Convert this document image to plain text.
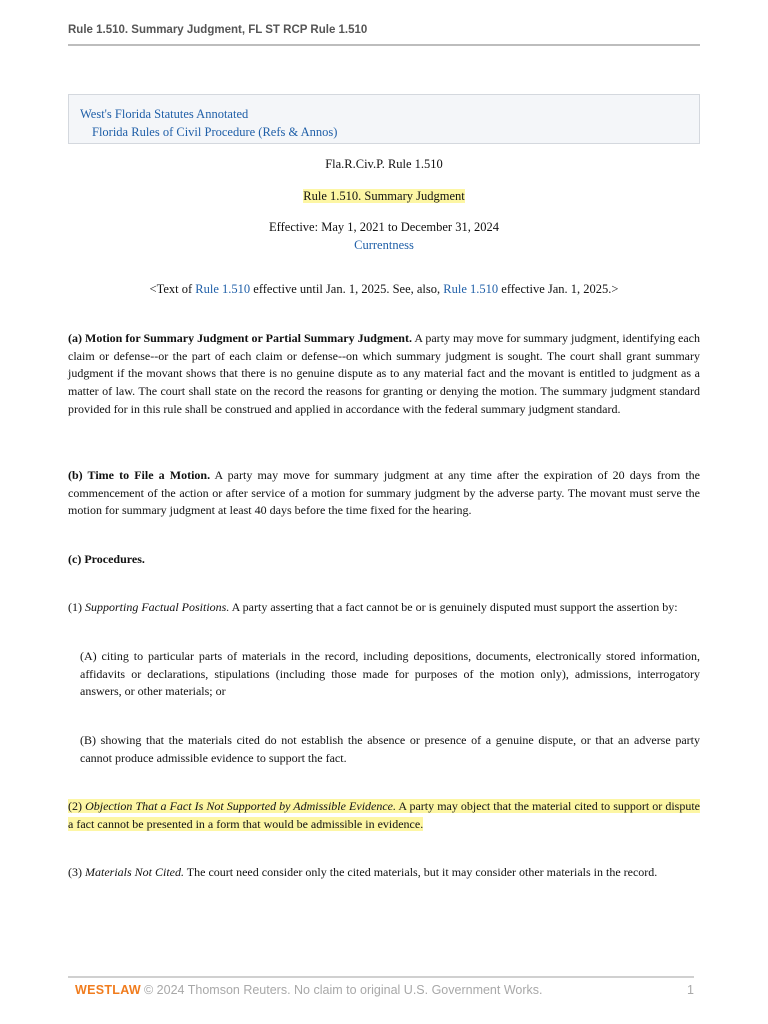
Rule 1.510. Summary Judgment, FL ST RCP Rule 1.510
West's Florida Statutes Annotated
Florida Rules of Civil Procedure (Refs & Annos)
Fla.R.Civ.P. Rule 1.510
Rule 1.510. Summary Judgment
Effective: May 1, 2021 to December 31, 2024
Currentness
<Text of Rule 1.510 effective until Jan. 1, 2025. See, also, Rule 1.510 effective Jan. 1, 2025.>
(a) Motion for Summary Judgment or Partial Summary Judgment. A party may move for summary judgment, identifying each claim or defense--or the part of each claim or defense--on which summary judgment is sought. The court shall grant summary judgment if the movant shows that there is no genuine dispute as to any material fact and the movant is entitled to judgment as a matter of law. The court shall state on the record the reasons for granting or denying the motion. The summary judgment standard provided for in this rule shall be construed and applied in accordance with the federal summary judgment standard.
(b) Time to File a Motion. A party may move for summary judgment at any time after the expiration of 20 days from the commencement of the action or after service of a motion for summary judgment by the adverse party. The movant must serve the motion for summary judgment at least 40 days before the time fixed for the hearing.
(c) Procedures.
(1) Supporting Factual Positions. A party asserting that a fact cannot be or is genuinely disputed must support the assertion by:
(A) citing to particular parts of materials in the record, including depositions, documents, electronically stored information, affidavits or declarations, stipulations (including those made for purposes of the motion only), admissions, interrogatory answers, or other materials; or
(B) showing that the materials cited do not establish the absence or presence of a genuine dispute, or that an adverse party cannot produce admissible evidence to support the fact.
(2) Objection That a Fact Is Not Supported by Admissible Evidence. A party may object that the material cited to support or dispute a fact cannot be presented in a form that would be admissible in evidence.
(3) Materials Not Cited. The court need consider only the cited materials, but it may consider other materials in the record.
WESTLAW © 2024 Thomson Reuters. No claim to original U.S. Government Works.	1
